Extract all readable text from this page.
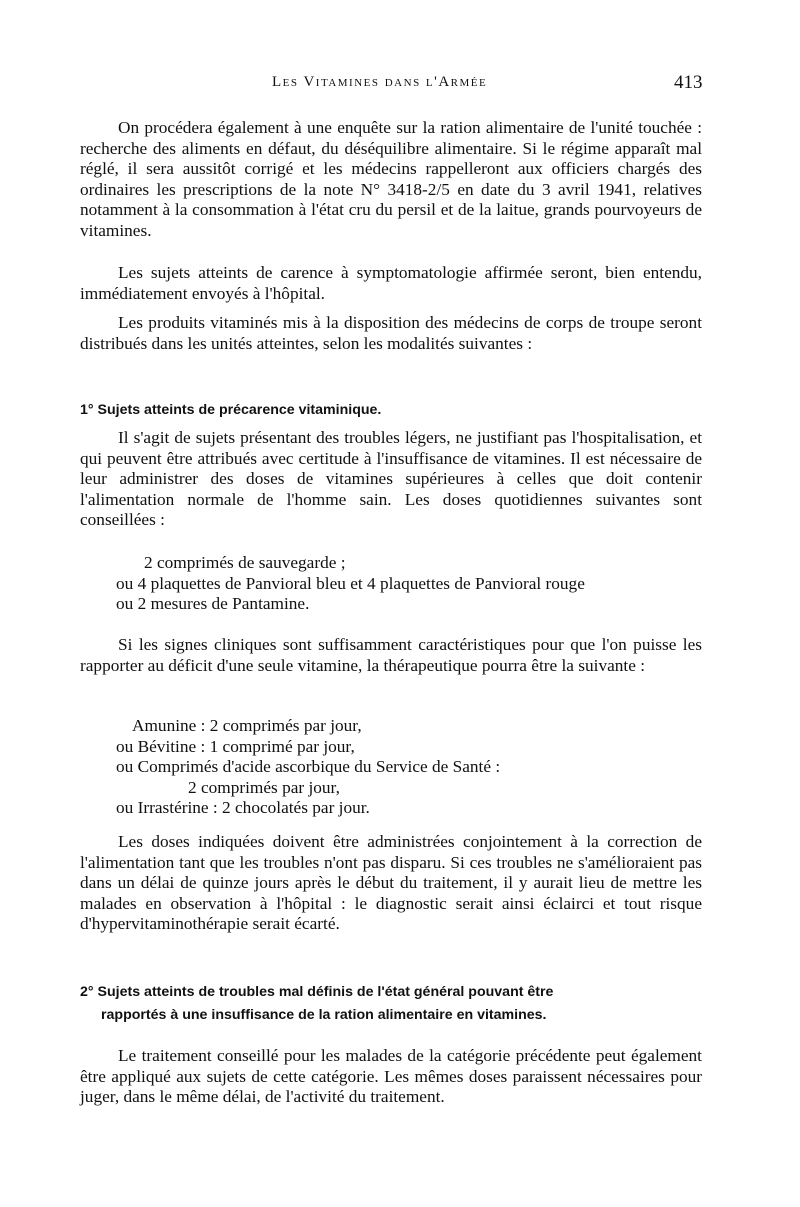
Les Vitamines dans l'Armée	413

On procédera également à une enquête sur la ration alimentaire de l'unité touchée : recherche des aliments en défaut, du déséquilibre alimentaire. Si le régime apparaît mal réglé, il sera aussitôt corrigé et les médecins rappelleront aux officiers chargés des ordinaires les prescriptions de la note N° 3418-2/5 en date du 3 avril 1941, relatives notamment à la consommation à l'état cru du persil et de la laitue, grands pourvoyeurs de vitamines.

Les sujets atteints de carence à symptomatologie affirmée seront, bien entendu, immédiatement envoyés à l'hôpital.

Les produits vitaminés mis à la disposition des médecins de corps de troupe seront distribués dans les unités atteintes, selon les modalités suivantes :

1° Sujets atteints de précarence vitaminique.

Il s'agit de sujets présentant des troubles légers, ne justifiant pas l'hospitalisation, et qui peuvent être attribués avec certitude à l'insuffisance de vitamines. Il est nécessaire de leur administrer des doses de vitamines supérieures à celles que doit contenir l'alimentation normale de l'homme sain. Les doses quotidiennes suivantes sont conseillées :

2 comprimés de sauvegarde ;
ou 4 plaquettes de Panvioral bleu et 4 plaquettes de Panvioral rouge
ou 2 mesures de Pantamine.

Si les signes cliniques sont suffisamment caractéristiques pour que l'on puisse les rapporter au déficit d'une seule vitamine, la thérapeutique pourra être la suivante :

Amunine : 2 comprimés par jour,
ou Bévitine : 1 comprimé par jour,
ou Comprimés d'acide ascorbique du Service de Santé :
2 comprimés par jour,
ou Irrastérine : 2 chocolatés par jour.

Les doses indiquées doivent être administrées conjointement à la correction de l'alimentation tant que les troubles n'ont pas disparu. Si ces troubles ne s'amélioraient pas dans un délai de quinze jours après le début du traitement, il y aurait lieu de mettre les malades en observation à l'hôpital : le diagnostic serait ainsi éclairci et tout risque d'hypervitaminothérapie serait écarté.

2° Sujets atteints de troubles mal définis de l'état général pouvant être
rapportés à une insuffisance de la ration alimentaire en vitamines.

Le traitement conseillé pour les malades de la catégorie précédente peut également être appliqué aux sujets de cette catégorie. Les mêmes doses paraissent nécessaires pour juger, dans le même délai, de l'activité du traitement.
